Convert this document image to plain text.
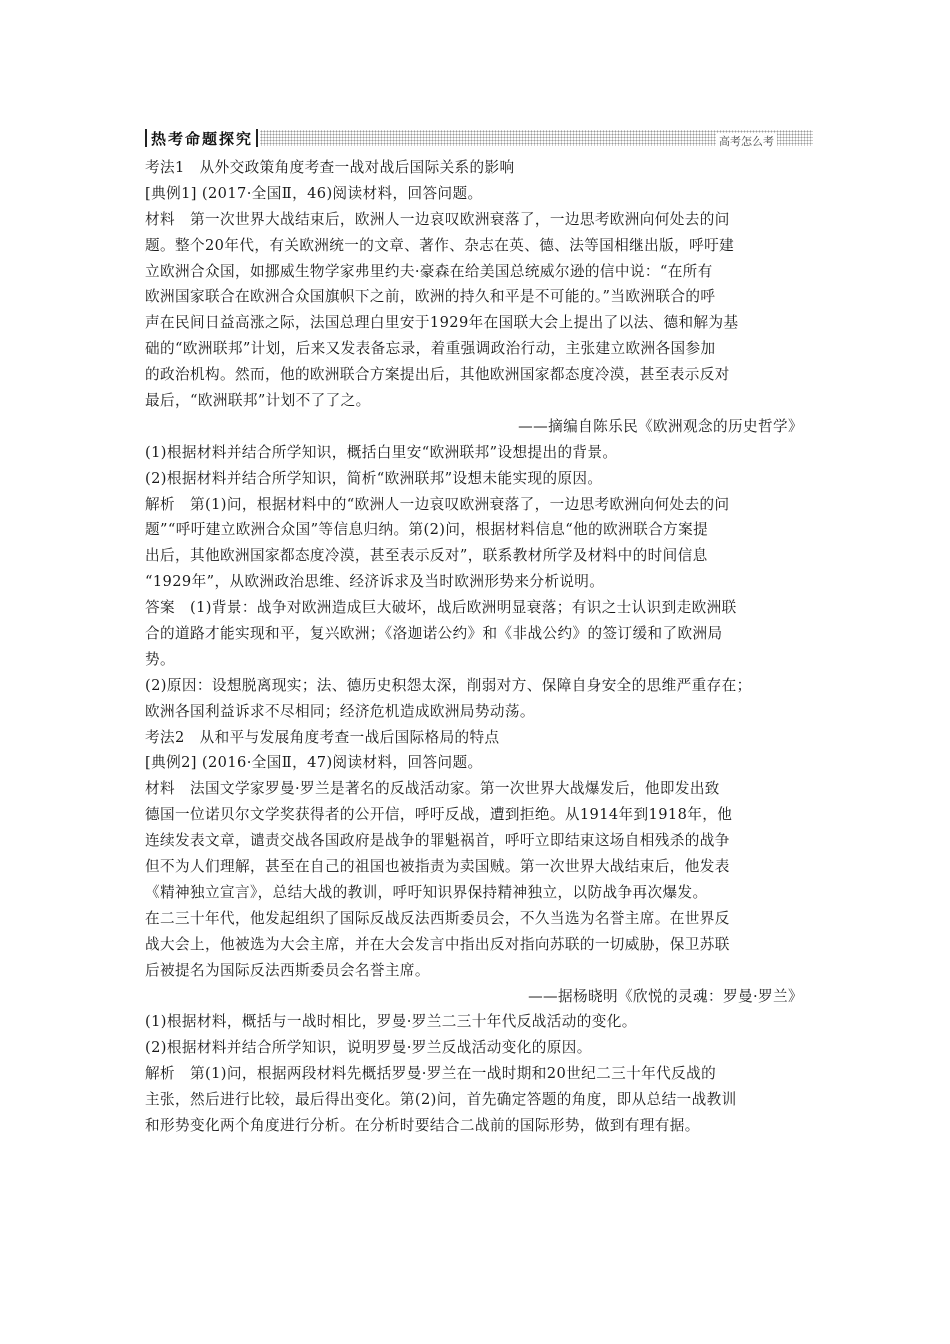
热考命题探究	高考怎么考
考法1　从外交政策角度考查一战对战后国际关系的影响
[典例1] (2017·全国Ⅱ，46)阅读材料，回答问题。
材料　第一次世界大战结束后，欧洲人一边哀叹欧洲衰落了，一边思考欧洲向何处去的问
题。整个20年代，有关欧洲统一的文章、著作、杂志在英、德、法等国相继出版，呼吁建
立欧洲合众国，如挪威生物学家弗里约夫·豪森在给美国总统威尔逊的信中说：“在所有
欧洲国家联合在欧洲合众国旗帜下之前，欧洲的持久和平是不可能的。”当欧洲联合的呼
声在民间日益高涨之际，法国总理白里安于1929年在国联大会上提出了以法、德和解为基
础的“欧洲联邦”计划，后来又发表备忘录，着重强调政治行动，主张建立欧洲各国参加
的政治机构。然而，他的欧洲联合方案提出后，其他欧洲国家都态度冷漠，甚至表示反对
最后，“欧洲联邦”计划不了了之。
——摘编自陈乐民《欧洲观念的历史哲学》
(1)根据材料并结合所学知识，概括白里安“欧洲联邦”设想提出的背景。
(2)根据材料并结合所学知识，简析“欧洲联邦”设想未能实现的原因。
解析　第(1)问，根据材料中的“欧洲人一边哀叹欧洲衰落了，一边思考欧洲向何处去的问
题”“呼吁建立欧洲合众国”等信息归纳。第(2)问，根据材料信息“他的欧洲联合方案提
出后，其他欧洲国家都态度冷漠，甚至表示反对”，联系教材所学及材料中的时间信息
“1929年”，从欧洲政治思维、经济诉求及当时欧洲形势来分析说明。
答案　(1)背景：战争对欧洲造成巨大破坏，战后欧洲明显衰落；有识之士认识到走欧洲联
合的道路才能实现和平，复兴欧洲；《洛迦诺公约》和《非战公约》的签订缓和了欧洲局
势。
(2)原因：设想脱离现实；法、德历史积怨太深，削弱对方、保障自身安全的思维严重存在；
欧洲各国利益诉求不尽相同；经济危机造成欧洲局势动荡。
考法2　从和平与发展角度考查一战后国际格局的特点
[典例2] (2016·全国Ⅱ，47)阅读材料，回答问题。
材料　法国文学家罗曼·罗兰是著名的反战活动家。第一次世界大战爆发后，他即发出致
德国一位诺贝尔文学奖获得者的公开信，呼吁反战，遭到拒绝。从1914年到1918年，他
连续发表文章，谴责交战各国政府是战争的罪魁祸首，呼吁立即结束这场自相残杀的战争
但不为人们理解，甚至在自己的祖国也被指责为卖国贼。第一次世界大战结束后，他发表
《精神独立宣言》，总结大战的教训，呼吁知识界保持精神独立，以防战争再次爆发。
在二三十年代，他发起组织了国际反战反法西斯委员会，不久当选为名誉主席。在世界反
战大会上，他被选为大会主席，并在大会发言中指出反对指向苏联的一切威胁，保卫苏联
后被提名为国际反法西斯委员会名誉主席。
——据杨晓明《欣悦的灵魂：罗曼·罗兰》
(1)根据材料，概括与一战时相比，罗曼·罗兰二三十年代反战活动的变化。
(2)根据材料并结合所学知识，说明罗曼·罗兰反战活动变化的原因。
解析　第(1)问，根据两段材料先概括罗曼·罗兰在一战时期和20世纪二三十年代反战的
主张，然后进行比较，最后得出变化。第(2)问，首先确定答题的角度，即从总结一战教训
和形势变化两个角度进行分析。在分析时要结合二战前的国际形势，做到有理有据。
